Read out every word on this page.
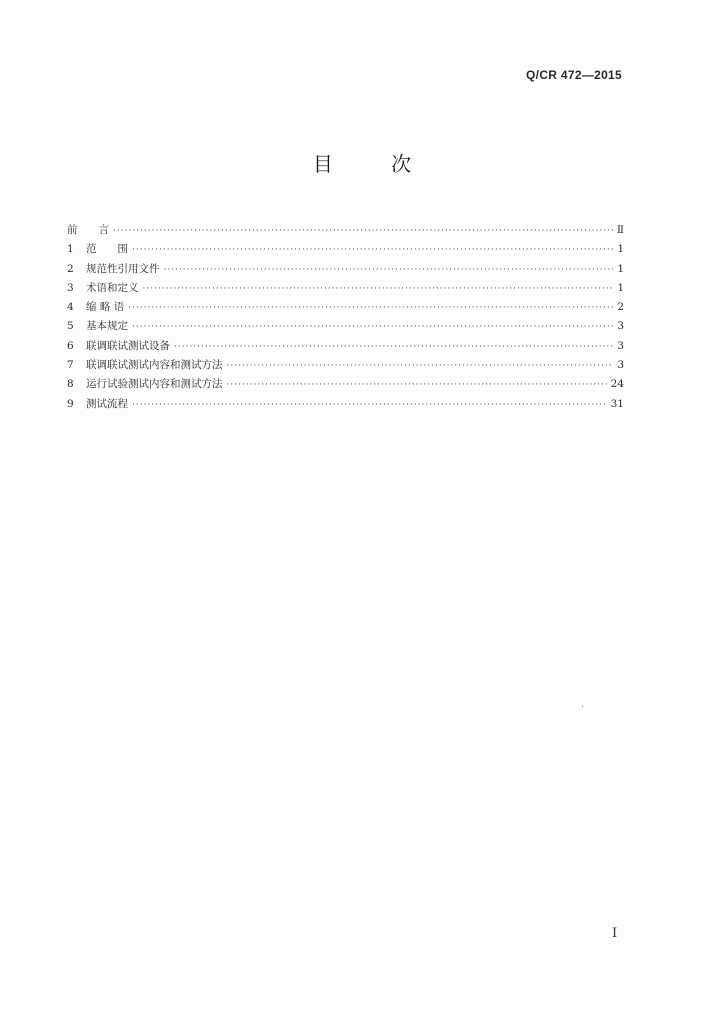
Q/CR 472—2015
目 次
前　　言 ·····	Ⅱ
1	范　　围 ·····	1
2	规范性引用文件 ·····	1
3	术语和定义 ·····	1
4	缩 略 语 ·····	2
5	基本规定 ·····	3
6	联调联试测试设备 ·····	3
7	联调联试测试内容和测试方法 ·····	3
8	运行试验测试内容和测试方法 ·····	24
9	测试流程 ·····	31
Ⅰ
